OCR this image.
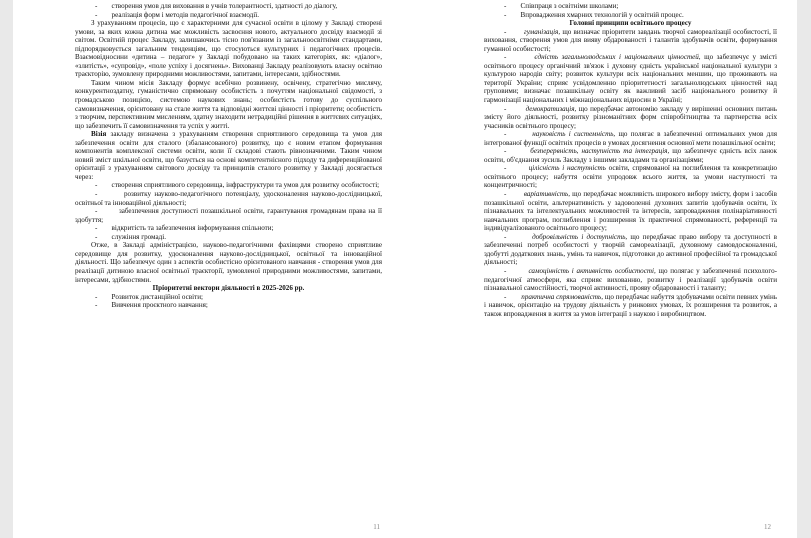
-        створення умов для виховання в учнів толерантності, здатності до діалогу,

-        реалізація форм і методів педагогічної взаємодії.

З урахуванням процесів, що є характерними для сучасної освіти в цілому у Закладі створені умови, за яких кожна дитина має можливість засвоєння нового, актуального досвіду взаємодії зі світом. Освітній процес Закладу, залишаючись тісно пов'язаним із загальноосвітніми стандартами, підпорядковується загальним тенденціям, що стосуються культурних і педагогічних процесів. Взаємовідносини «дитина – педагог» у Закладі побудовано на таких категоріях, як: «діалог», «злитість», «супровід», «поле успіху і досягнень». Вихованці Закладу реалізовують власну освітню траєкторію, зумовлену природними можливостями, запитами, інтересами, здібностями.

Таким чином місія Закладу формує всебічно розвинену, освічену, стратегічно мислячу, конкурентноздатну, гуманістично спрямовану особистість з почуттям національної свідомості, з громадською позицією, системою наукових знань; особистість готову до суспільного самовизначення, орієнтовану на стале життя та відповідні життєві цінності і пріоритети; особистість з творчим, перспективним мисленням, здатну знаходити нетрадиційні рішення в життєвих ситуаціях, що забезпечить її самовизначення та успіх у житті.

Візія закладу визначена з урахуванням створення сприятливого середовища та умов для забезпечення освіти для сталого (збалансованого) розвитку, що є новим етапом формування компонентів комплексної системи освіти, коли її складові стають рівнозначними. Таким чином новий зміст шкільної освіти, що базується на основі компетентнісного підходу та диференційованої орієнтації з урахуванням світового досвіду та принципів сталого розвитку у Закладі досягається через:

-        створення сприятливого середовища, інфраструктури та умов для розвитку особистості;

-        розвитку науково-педагогічного потенціалу, удосконалення науково-дослідницької, освітньої та інноваційної діяльності;

-        забезпечення доступності позашкільної освіти, гарантування громадянам права на її здобуття;

-        відкритість та забезпечення інформування спільноти;

-        служіння громаді.

Отже, в Закладі адміністрацією, науково-педагогічними фахівцями створено сприятливе середовище для розвитку, удосконалення науково-дослідницької, освітньої та інноваційної діяльності. Що забезпечує один з аспектів особистісно орієнтованого навчання - створення умов для реалізації дитиною власної освітньої траєкторії, зумовленої природними можливостями, запитами, інтересами, здібностями.

Пріоритетні вектори діяльності в 2025-2026 рр.

-        Розвиток дистанційної освіти;

-        Вивчення проєктного навчання;

11

-        Співпраця з освітніми школами;

-        Впровадження хмарних технологій у освітній процес.

Головні принципи освітнього процесу

-        гуманізація, що визначає пріоритети завдань творчої самореалізації особистості, її виховання, створення умов для вияву обдарованості і талантів здобувачів освіти, формування гуманної особистості;

-        єдність загальнолюдських і національних цінностей, що забезпечує у змісті освітнього процесу органічний зв'язок і духовну єдність української національної культури з культурою народів світу; розвиток культури всіх національних меншин, що проживають на території України; сприяє усвідомленню пріоритетності загальнолюдських цінностей над груповими; визначає позашкільну освіту як важливий засіб національного розвитку й гармонізації національних і міжнаціональних відносин в Україні;

-        демократизація, що передбачає автономію закладу у вирішенні основних питань змісту його діяльності, розвитку різноманітних форм співробітництва та партнерства всіх учасників освітнього процесу;

-        науковість і системність, що полягає в забезпеченні оптимальних умов для інтегрованої функції освітніх процесів в умовах досягнення основної мети позашкільної освіти;

-        безперервність, наступність та інтеграція, що забезпечує єдність всіх ланок освіти, об'єднання зусиль Закладу з іншими закладами та організаціями;

-        цілісність і наступність освіти, спрямованої на поглиблення та конкретизацію освітнього процесу; набуття освіти упродовж всього життя, за умови наступності та концентричності;

-        варіативність, що передбачає можливість широкого вибору змісту, форм і засобів позашкільної освіти, альтернативність у задоволенні духовних запитів здобувачів освіти, їх пізнавальних та інтелектуальних можливостей та інтересів, запровадження полінаріативності навчальних програм, поглиблення і розширення їх практичної спрямованості, референції та індивідуалізованого освітнього процесу;

-        добровільність і доступність, що передбачає право вибору та доступності в забезпеченні потреб особистості у творчій самореалізації, духовному самовдосконаленні, здобутті додаткових знань, умінь та навичок, підготовки до активної професійної та громадської діяльності;

-        самоцінність і активність особистості, що полягає у забезпеченні психолого-педагогічної атмосфери, яка сприяє вихованню, розвитку і реалізації здобувачів освіти пізнавальної самостійності, творчої активності, прояву обдарованості і таланту;

-        практична спрямованість, що передбачає набуття здобувачами освіти певних умінь і навичок, орієнтацію на трудову діяльність у ринкових умовах, їх розширення та розвиток, а також впровадження в життя за умов інтеграції з наукою і виробництвом.

12
